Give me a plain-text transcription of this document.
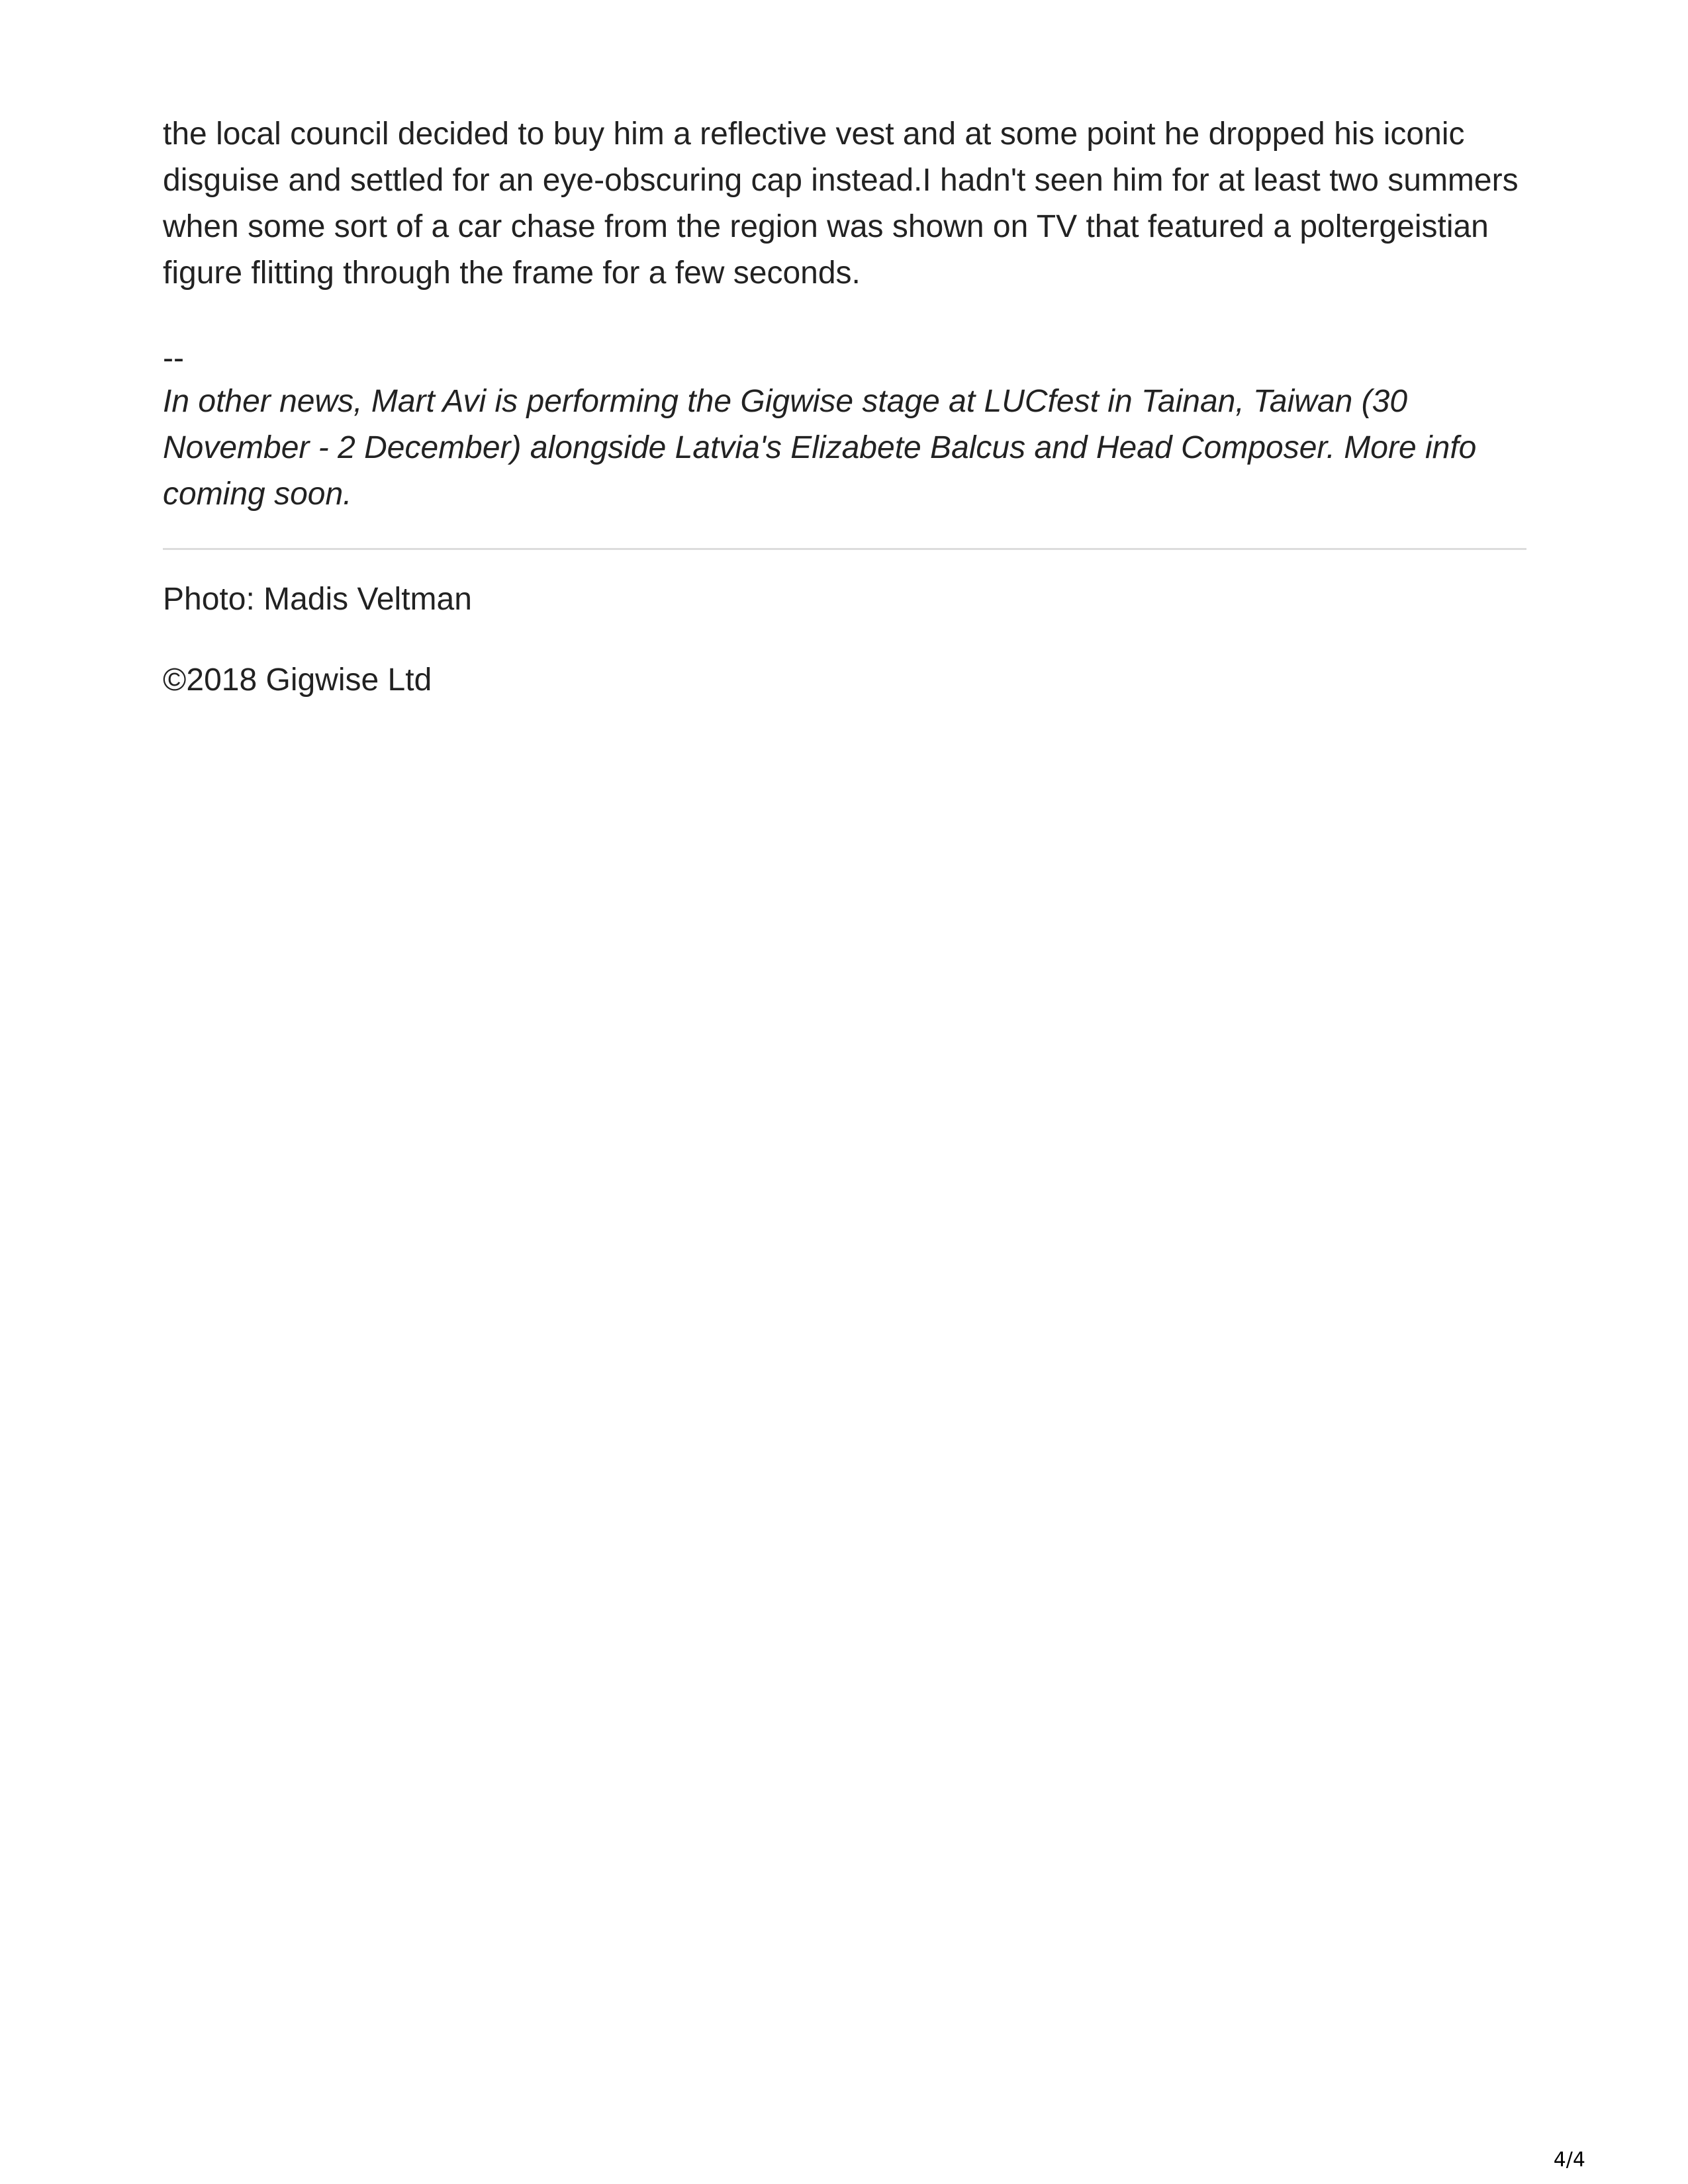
the local council decided to buy him a reflective vest and at some point he dropped his iconic disguise and settled for an eye-obscuring cap instead.I hadn't seen him for at least two summers when some sort of a car chase from the region was shown on TV that featured a poltergeistian figure flitting through the frame for a few seconds.

--

In other news, Mart Avi is performing the Gigwise stage at LUCfest in Tainan, Taiwan (30 November - 2 December) alongside Latvia's Elizabete Balcus and Head Composer. More info coming soon.

Photo: Madis Veltman

©2018 Gigwise Ltd

4/4
